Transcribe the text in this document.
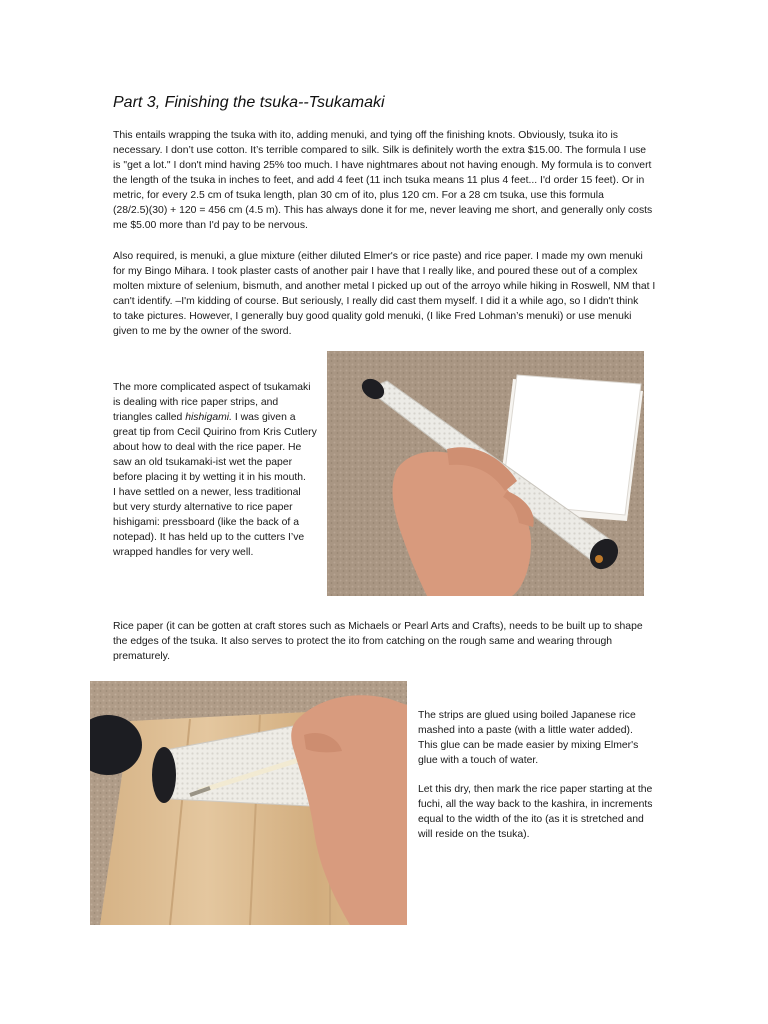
Part 3, Finishing the tsuka--Tsukamaki

This entails wrapping the tsuka with ito, adding menuki, and tying off the finishing knots. Obviously, tsuka ito is
necessary. I don’t use cotton. It’s terrible compared to silk. Silk is definitely worth the extra $15.00. The formula I use
is "get a lot." I don't mind having 25% too much. I have nightmares about not having enough. My formula is to convert
the length of the tsuka in inches to feet, and add 4 feet (11 inch tsuka means 11 plus 4 feet... I'd order 15 feet). Or in
metric, for every 2.5 cm of tsuka length, plan 30 cm of ito, plus 120 cm. For a 28 cm tsuka, use this formula
(28/2.5)(30) + 120 = 456 cm (4.5 m). This has always done it for me, never leaving me short, and generally only costs
me $5.00 more than I'd pay to be nervous.

Also required, is menuki, a glue mixture (either diluted Elmer's or rice paste) and rice paper. I made my own menuki
for my Bingo Mihara. I took plaster casts of another pair I have that I really like, and poured these out of a complex
molten mixture of selenium, bismuth, and another metal I picked up out of the arroyo while hiking in Roswell, NM that I
can't identify. –I'm kidding of course. But seriously, I really did cast them myself. I did it a while ago, so I didn't think
to take pictures. However, I generally buy good quality gold menuki, (I like Fred Lohman’s menuki) or use menuki
given to me by the owner of the sword.

The more complicated aspect of tsukamaki
is dealing with rice paper strips, and
triangles called hishigami. I was given a
great tip from Cecil Quirino from Kris Cutlery
about how to deal with the rice paper. He
saw an old tsukamaki-ist wet the paper
before placing it by wetting it in his mouth.
I have settled on a newer, less traditional
but very sturdy alternative to rice paper
hishigami: pressboard (like the back of a
notepad). It has held up to the cutters I’ve
wrapped handles for very well.

Rice paper (it can be gotten at craft stores such as Michaels or Pearl Arts and Crafts), needs to be built up to shape
the edges of the tsuka. It also serves to protect the ito from catching on the rough same and wearing through
prematurely.

The strips are glued using boiled Japanese rice
mashed into a paste (with a little water added).
This glue can be made easier by mixing Elmer's
glue with a touch of water.

Let this dry, then mark the rice paper starting at the
fuchi, all the way back to the kashira, in increments
equal to the width of the ito (as it is stretched and
will reside on the tsuka).
